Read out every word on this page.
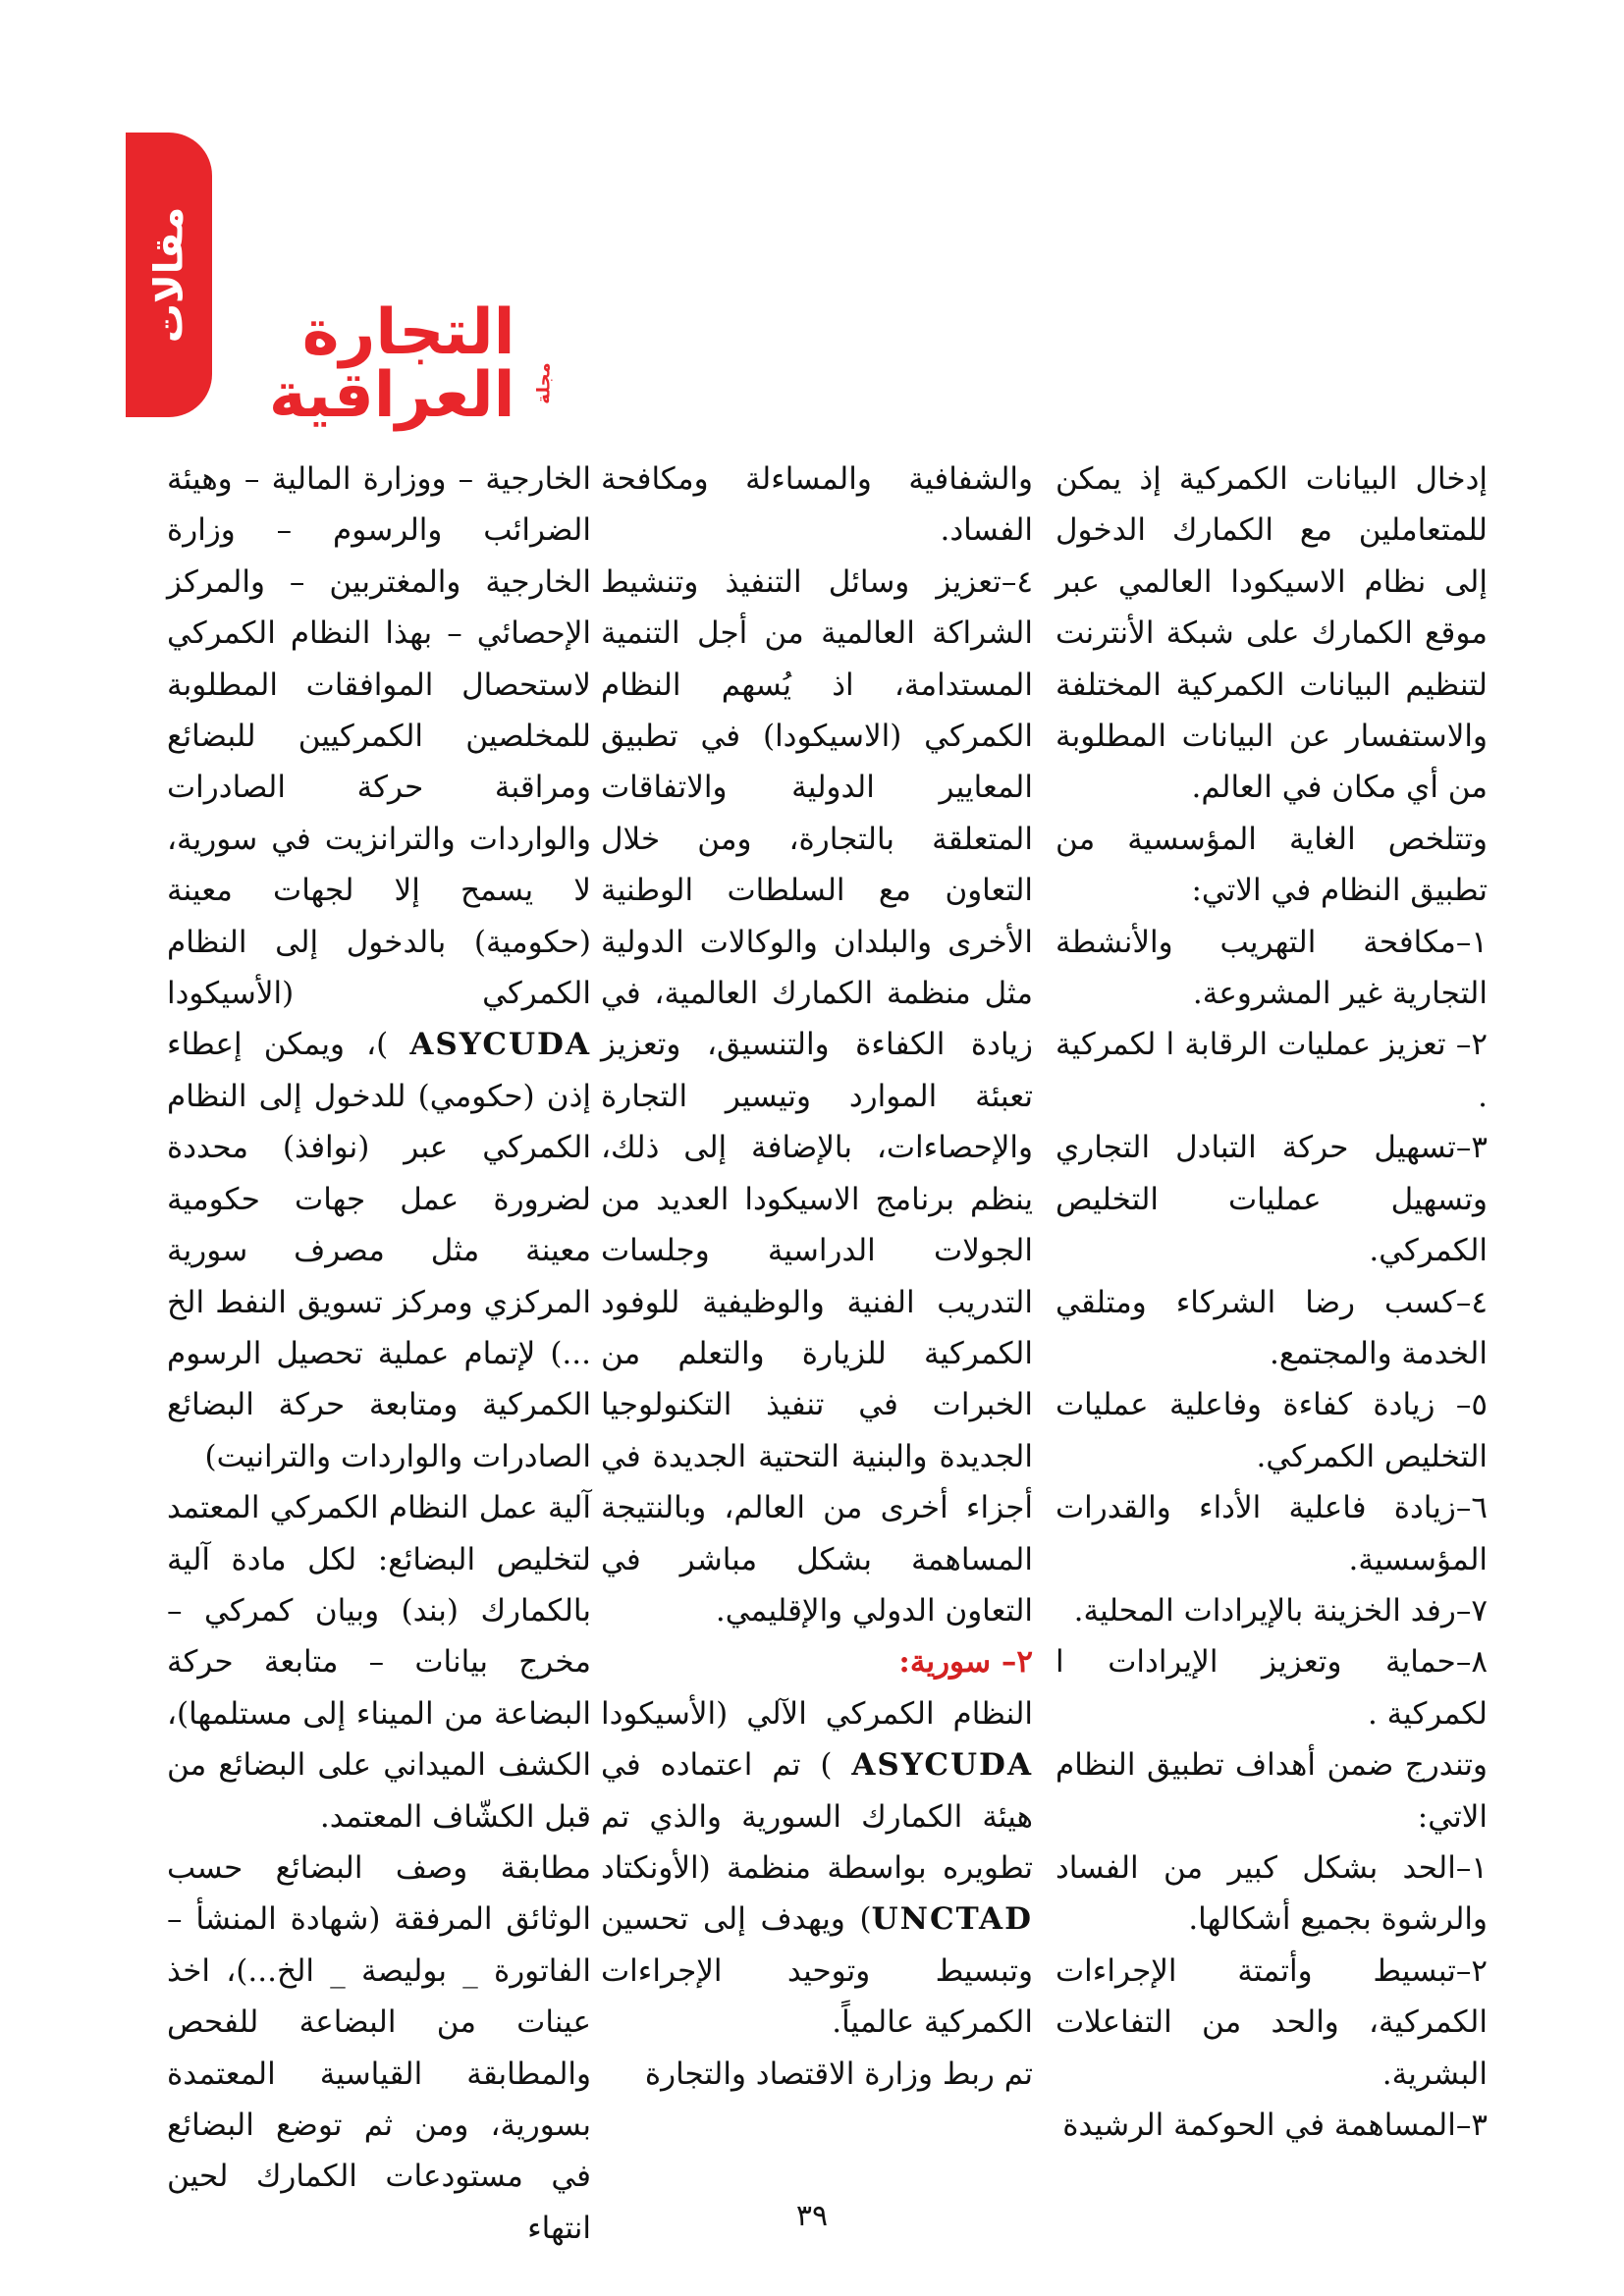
مقالات
مجلة
التجارة العراقية

إدخال البيانات الكمركية إذ يمكن للمتعاملين مع الكمارك الدخول إلى نظام الاسيكودا العالمي عبر موقع الكمارك على شبكة الأنترنت لتنظيم البيانات الكمركية المختلفة والاستفسار عن البيانات المطلوبة من أي مكان في العالم.

وتتلخص الغاية المؤسسية من تطبيق النظام في الاتي:

١–مكافحة التهريب والأنشطة التجارية غير المشروعة.

٢– تعزيز عمليات الرقابة ا لكمركية .

٣–تسهيل حركة التبادل التجاري وتسهيل عمليات التخليص الكمركي.

٤–كسب رضا الشركاء ومتلقي الخدمة والمجتمع.

٥– زيادة كفاءة وفاعلية عمليات التخليص الكمركي.

٦–زيادة فاعلية الأداء والقدرات المؤسسية.

٧–رفد الخزينة بالإيرادات المحلية.

٨–حماية وتعزيز الإيرادات ا لكمركية .

وتندرج ضمن أهداف تطبيق النظام الاتي:

١–الحد بشكل كبير من الفساد والرشوة بجميع أشكالها.

٢–تبسيط وأتمتة الإجراءات الكمركية، والحد من التفاعلات البشرية.

٣–المساهمة في الحوكمة الرشيدة

والشفافية والمساءلة ومكافحة الفساد.

٤–تعزيز وسائل التنفيذ وتنشيط الشراكة العالمية من أجل التنمية المستدامة، اذ يُسهم النظام الكمركي (الاسيكودا) في تطبيق المعايير الدولية والاتفاقات المتعلقة بالتجارة، ومن خلال التعاون مع السلطات الوطنية الأخرى والبلدان والوكالات الدولية مثل منظمة الكمارك العالمية، في زيادة الكفاءة والتنسيق، وتعزيز تعبئة الموارد وتيسير التجارة والإحصاءات، بالإضافة إلى ذلك، ينظم برنامج الاسيكودا العديد من الجولات الدراسية وجلسات التدريب الفنية والوظيفية للوفود الكمركية للزيارة والتعلم من الخبرات في تنفيذ التكنولوجيا الجديدة والبنية التحتية الجديدة في أجزاء أخرى من العالم، وبالنتيجة المساهمة بشكل مباشر في التعاون الدولي والإقليمي.

٢– سورية:

النظام الكمركي الآلي (الأسيكودا ASYCUDA ) تم اعتماده في هيئة الكمارك السورية والذي تم تطويره بواسطة منظمة (الأونكتاد UNCTAD) ويهدف إلى تحسين وتبسيط وتوحيد الإجراءات الكمركية عالمياً.

تم ربط وزارة الاقتصاد والتجارة

الخارجية – ووزارة المالية – وهيئة الضرائب والرسوم – وزارة الخارجية والمغتربين – والمركز الإحصائي – بهذا النظام الكمركي لاستحصال الموافقات المطلوبة للمخلصين الكمركيين للبضائع ومراقبة حركة الصادرات والواردات والترانزيت في سورية، لا يسمح إلا لجهات معينة (حكومية) بالدخول إلى النظام الكمركي (الأسيكودا ASYCUDA )، ويمكن إعطاء إذن (حكومي) للدخول إلى النظام الكمركي عبر (نوافذ) محددة لضرورة عمل جهات حكومية معينة مثل مصرف سورية المركزي ومركز تسويق النفط الخ ...) لإتمام عملية تحصيل الرسوم الكمركية ومتابعة حركة البضائع الصادرات والواردات والترانيت)

آلية عمل النظام الكمركي المعتمد لتخليص البضائع: لكل مادة آلية بالكمارك (بند) وبيان كمركي – مخرج بيانات – متابعة حركة البضاعة من الميناء إلى مستلمها)، الكشف الميداني على البضائع من قبل الكشّاف المعتمد.

مطابقة وصف البضائع حسب الوثائق المرفقة (شهادة المنشأ – الفاتورة _ بوليصة _ الخ...)، اخذ عينات من البضاعة للفحص والمطابقة القياسية المعتمدة بسورية، ومن ثم توضع البضائع في مستودعات الكمارك لحين انتهاء	٣٩
